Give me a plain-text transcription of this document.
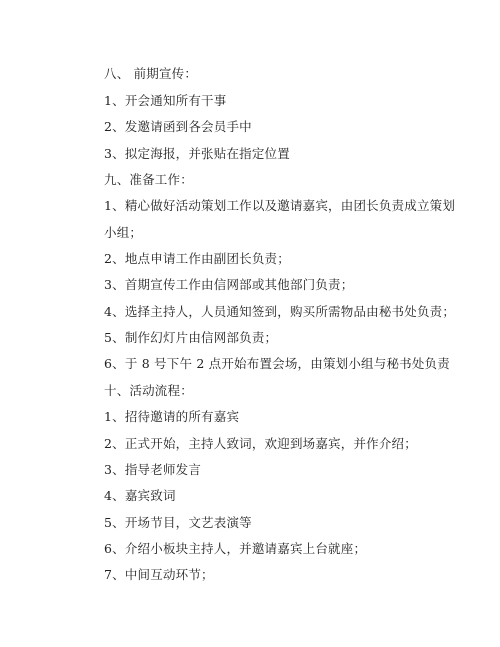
八、 前期宣传：
1、开会通知所有干事
2、发邀请函到各会员手中
3、拟定海报，并张贴在指定位置
九、准备工作：
1、精心做好活动策划工作以及邀请嘉宾，由团长负责成立策划
小组；
2、地点申请工作由副团长负责；
3、首期宣传工作由信网部或其他部门负责；
4、选择主持人，人员通知签到，购买所需物品由秘书处负责；
5、制作幻灯片由信网部负责；
6、于 8 号下午 2 点开始布置会场，由策划小组与秘书处负责
十、活动流程：
1、招待邀请的所有嘉宾
2、正式开始，主持人致词，欢迎到场嘉宾，并作介绍；
3、指导老师发言
4、嘉宾致词
5、开场节目，文艺表演等
6、介绍小板块主持人，并邀请嘉宾上台就座；
7、中间互动环节；
